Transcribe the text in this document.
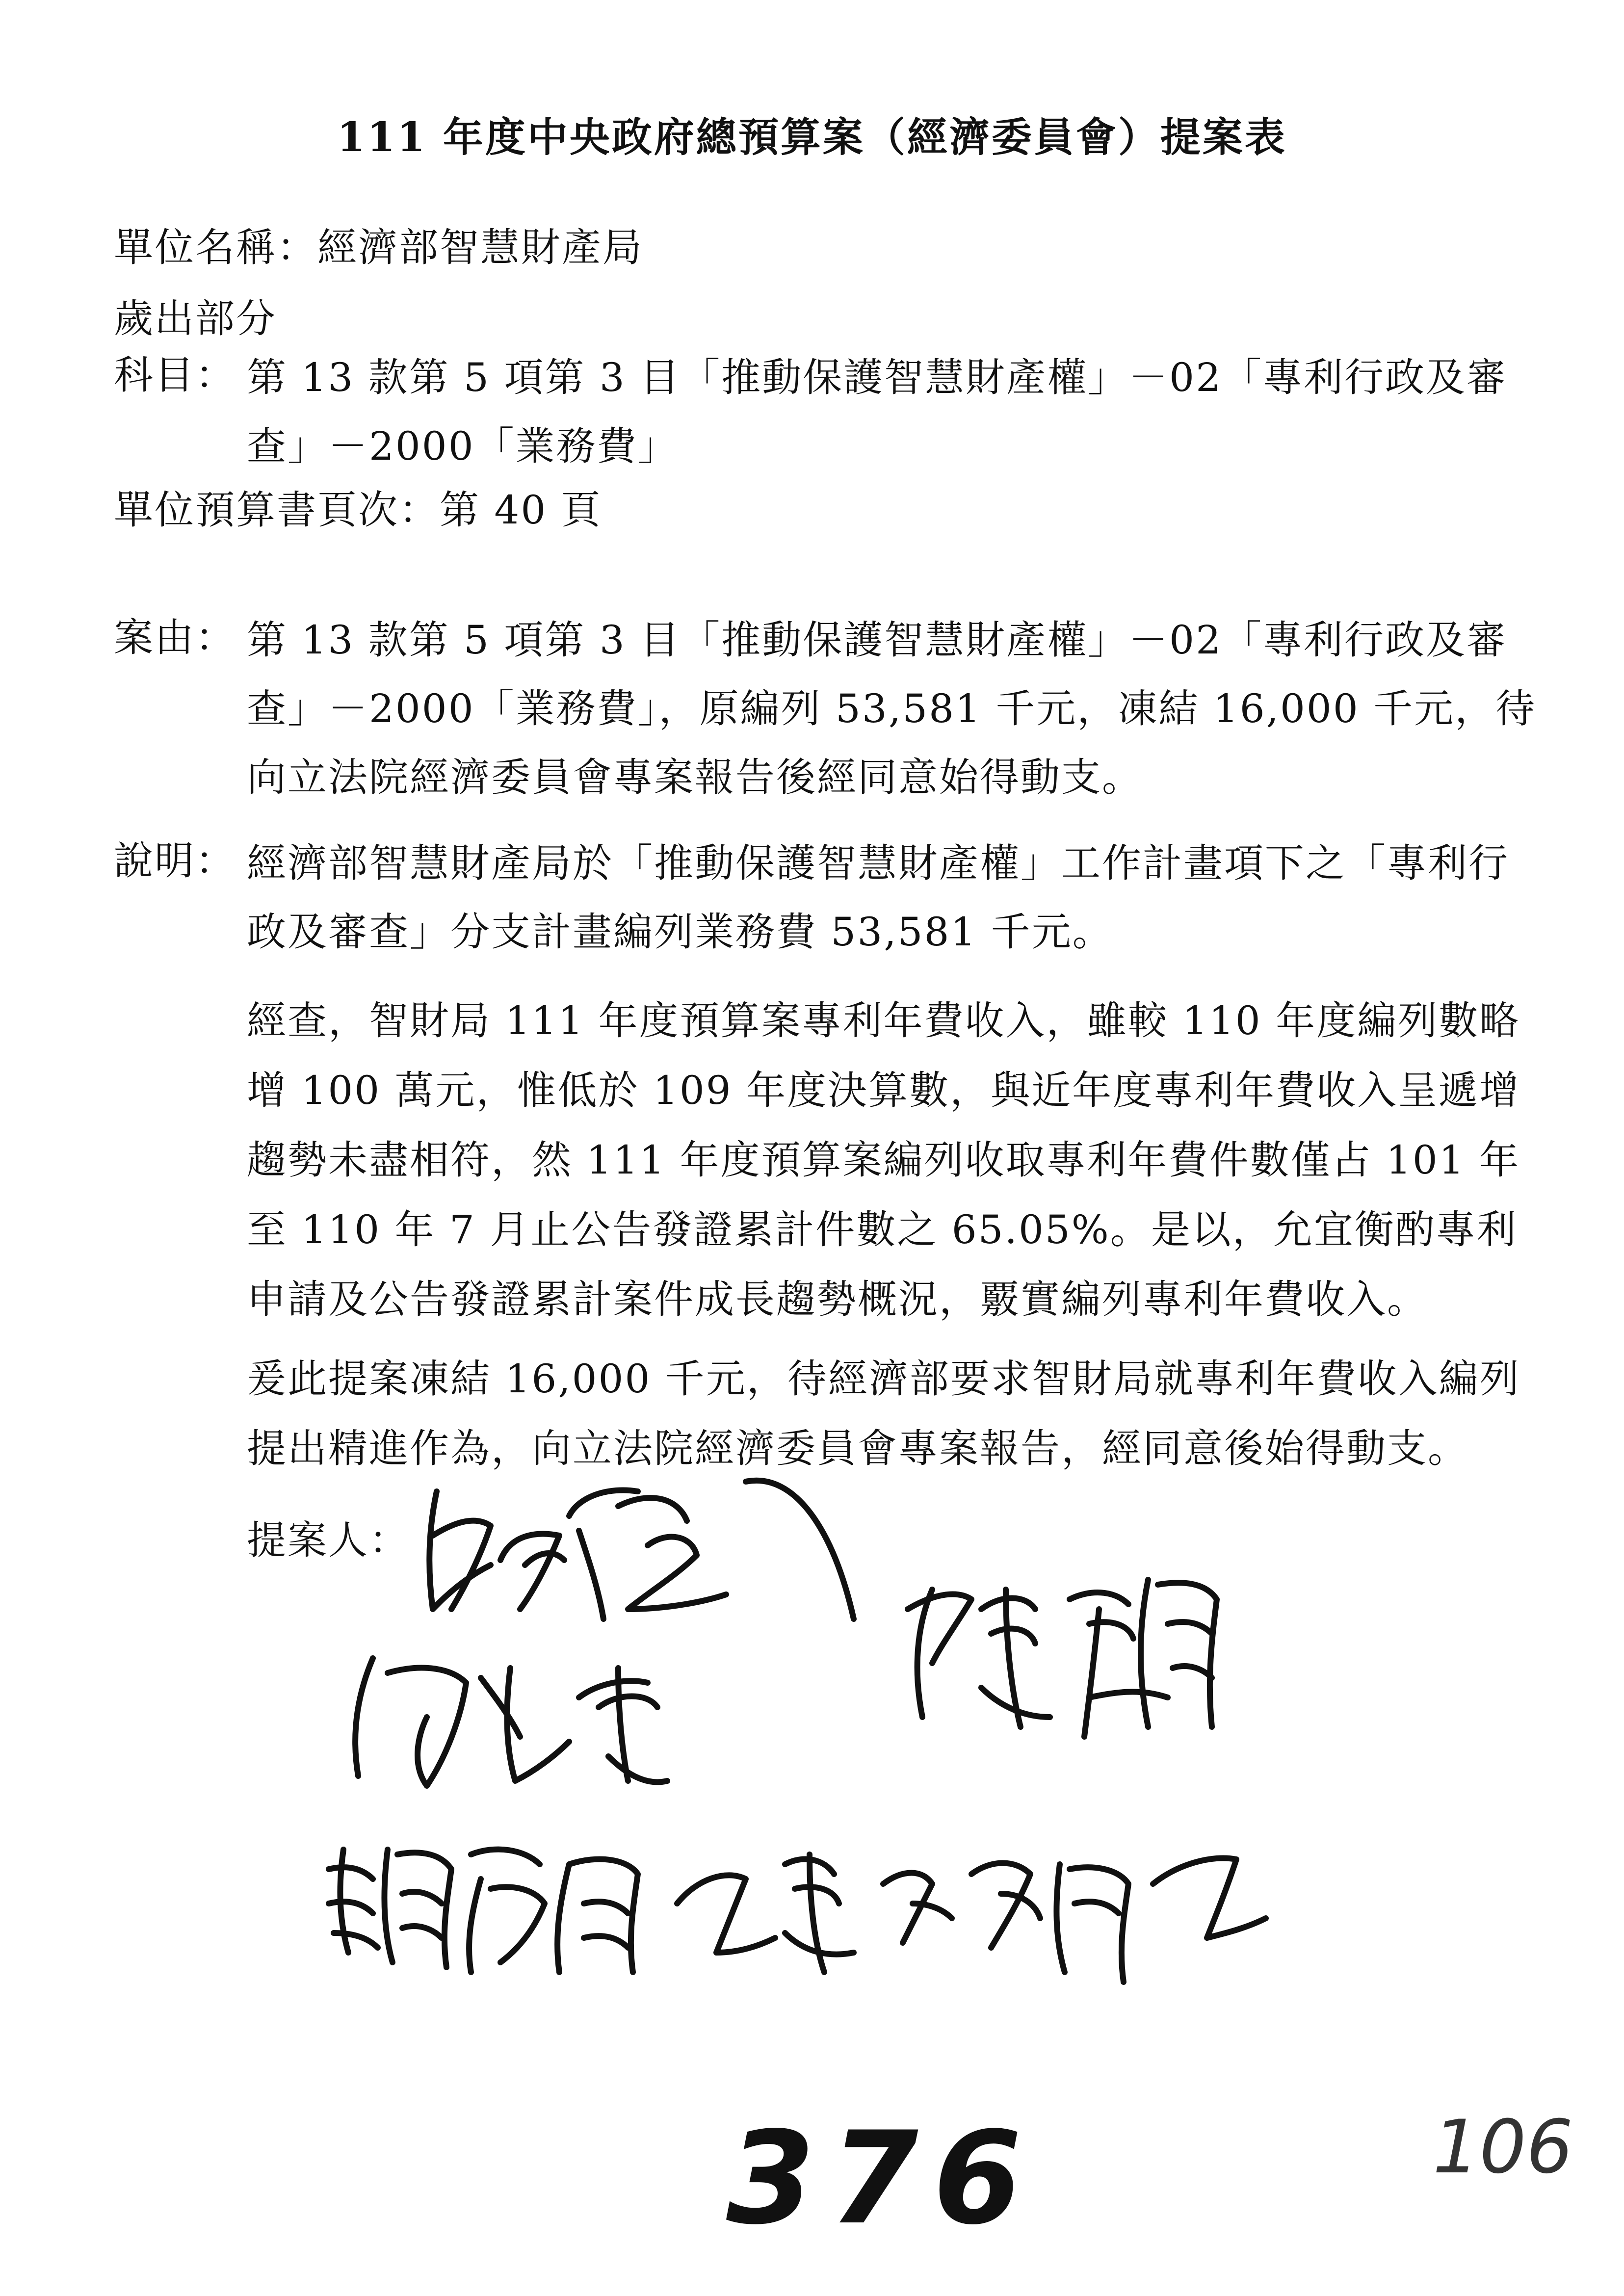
111 年度中央政府總預算案（經濟委員會）提案表
單位名稱：經濟部智慧財產局
歲出部分
科目： 第 13 款第 5 項第 3 目「推動保護智慧財產權」－02「專利行政及審查」－2000「業務費」
單位預算書頁次：第 40 頁
案由： 第 13 款第 5 項第 3 目「推動保護智慧財產權」－02「專利行政及審查」－2000「業務費」，原編列 53,581 千元，凍結 16,000 千元，待向立法院經濟委員會專案報告後經同意始得動支。
說明： 經濟部智慧財產局於「推動保護智慧財產權」工作計畫項下之「專利行政及審查」分支計畫編列業務費 53,581 千元。
經查，智財局 111 年度預算案專利年費收入，雖較 110 年度編列數略增 100 萬元，惟低於 109 年度決算數，與近年度專利年費收入呈遞增趨勢未盡相符，然 111 年度預算案編列收取專利年費件數僅占 101 年至 110 年 7 月止公告發證累計件數之 65.05%。是以，允宜衡酌專利申請及公告發證累計案件成長趨勢概況，覈實編列專利年費收入。
爰此提案凍結 16,000 千元，待經濟部要求智財局就專利年費收入編列提出精進作為，向立法院經濟委員會專案報告，經同意後始得動支。
提案人：
376	106
